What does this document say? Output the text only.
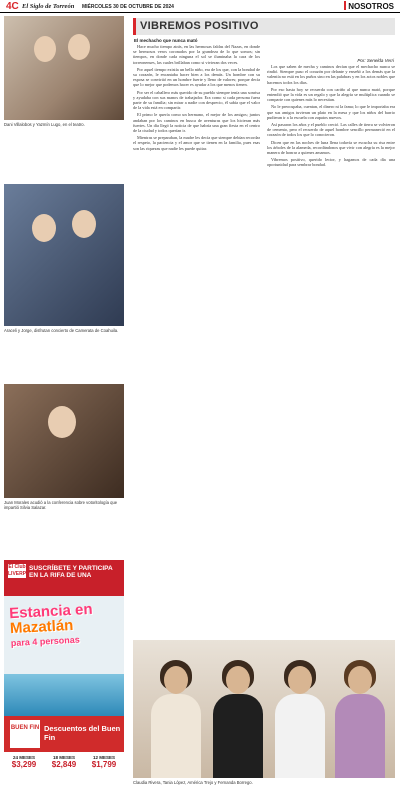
4C El Siglo de Torreón MIÉRCOLES 30 DE OCTUBRE DE 2024	NOSOTROS
Dani Villalobos y Yazmín Lugo, en el teatro.
Araceli y Jorge, disfrutan concierto de Camerata de Coahuila.
Juan Morales acudió a la conferencia sobre votoritología que impartió Silvia Salazar.
El Club LIVERPOOLSUSCRÍBETE Y PARTICIPA EN LA RIFA DE UNA
Estancia en
Mazatlán
para 4 personas
BUEN FIN Descuentos del Buen Fin
24 MESES
$3,299
18 MESES
$2,849
12 MESES
$1,799
VIBREMOS POSITIVO
El mechacho que nunca mató
Por: Senelda Verri

Hace mucho tiempo atrás, en las hermosas faldas del Nazas, en donde se hermosos veros coronados por la grandeza de lo que somos; sin tiempos, en donde cada ninguna el sol se iluminaba la cara de los torreonenses, las cuales brillaban como si vivieran dos veces.

Por aquel tiempo existía un bello niño, era de los que, con la bondad de su corazón, le encantaba hacer bien a los demás. Un hombre con su esposa se convirtió en un hombre fuerte y lleno de valores; porque decía que lo mejor que podemos hacer es ayudar a los que menos tienen.

Por ser el caballero más querido de su pueblo siempre tenía una sonrisa y ayudaba con sus manos de trabajador. Era como si cada persona fuera parte de su familia; sin mirar a nadie con desprecio, él sabía que el valor de la vida está en compartir.

El primo le quería como un hermano, el mejor de los amigos; juntos andaban por los caminos en busca de aventuras que los hicieran más fuertes. Un día llegó la noticia de que habría una gran fiesta en el centro de la ciudad y todos querían ir.

Mientras se preparaban, la madre les decía que siempre debían recordar el respeto, la paciencia y el amor que se tienen en la familia, pues esas son las riquezas que nadie les puede quitar.

Los que saben de mecha y caminos decían que el mechacho nunca se rindió. Siempre puso el corazón por delante y enseñó a los demás que la valentía no está en los puños sino en las palabras y en los actos nobles que hacemos todos los días.

Por eso hasta hoy se recuerda con cariño al que nunca mató, porque entendió que la vida es un regalo y que la alegría se multiplica cuando se comparte con quienes más lo necesitan.

No le preocupaba, cuentan, el dinero ni la fama; lo que le importaba era que sus amigos tuvieran un plato en la mesa y que los niños del barrio pudieran ir a la escuela con zapatos nuevos.

Así pasaron los años y el pueblo creció. Las calles de tierra se volvieron de cemento, pero el recuerdo de aquel hombre sencillo permaneció en el corazón de todos los que lo conocieron.

Dicen que en las noches de luna llena todavía se escucha su risa entre los árboles de la alameda, recordándonos que vivir con alegría es la mejor manera de honrar a quienes amamos.

Vibremos positivo, querido lector, y hagamos de cada día una oportunidad para sembrar bondad.

Claudia Rivera, Tania López, América Trejo y Fernanda Borrego.
